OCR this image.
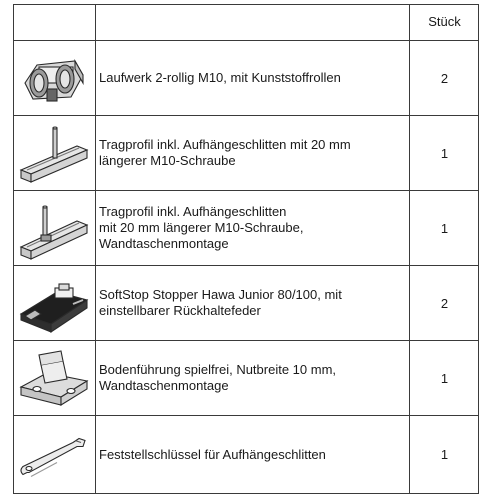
Stück
Laufwerk 2-rollig M10, mit Kunststoffrollen	2
Tragprofil inkl. Aufhängeschlitten mit 20 mm
längerer M10-Schraube	1
Tragprofil inkl. Aufhängeschlitten
mit 20 mm längerer M10-Schraube,
Wandtaschenmontage
1
SoftStop Stopper Hawa Junior 80/100, mit
einstellbarer Rückhaltefeder	2
Bodenführung spielfrei, Nutbreite 10 mm,
Wandtaschenmontage	1
Feststellschlüssel für Aufhängeschlitten	1
